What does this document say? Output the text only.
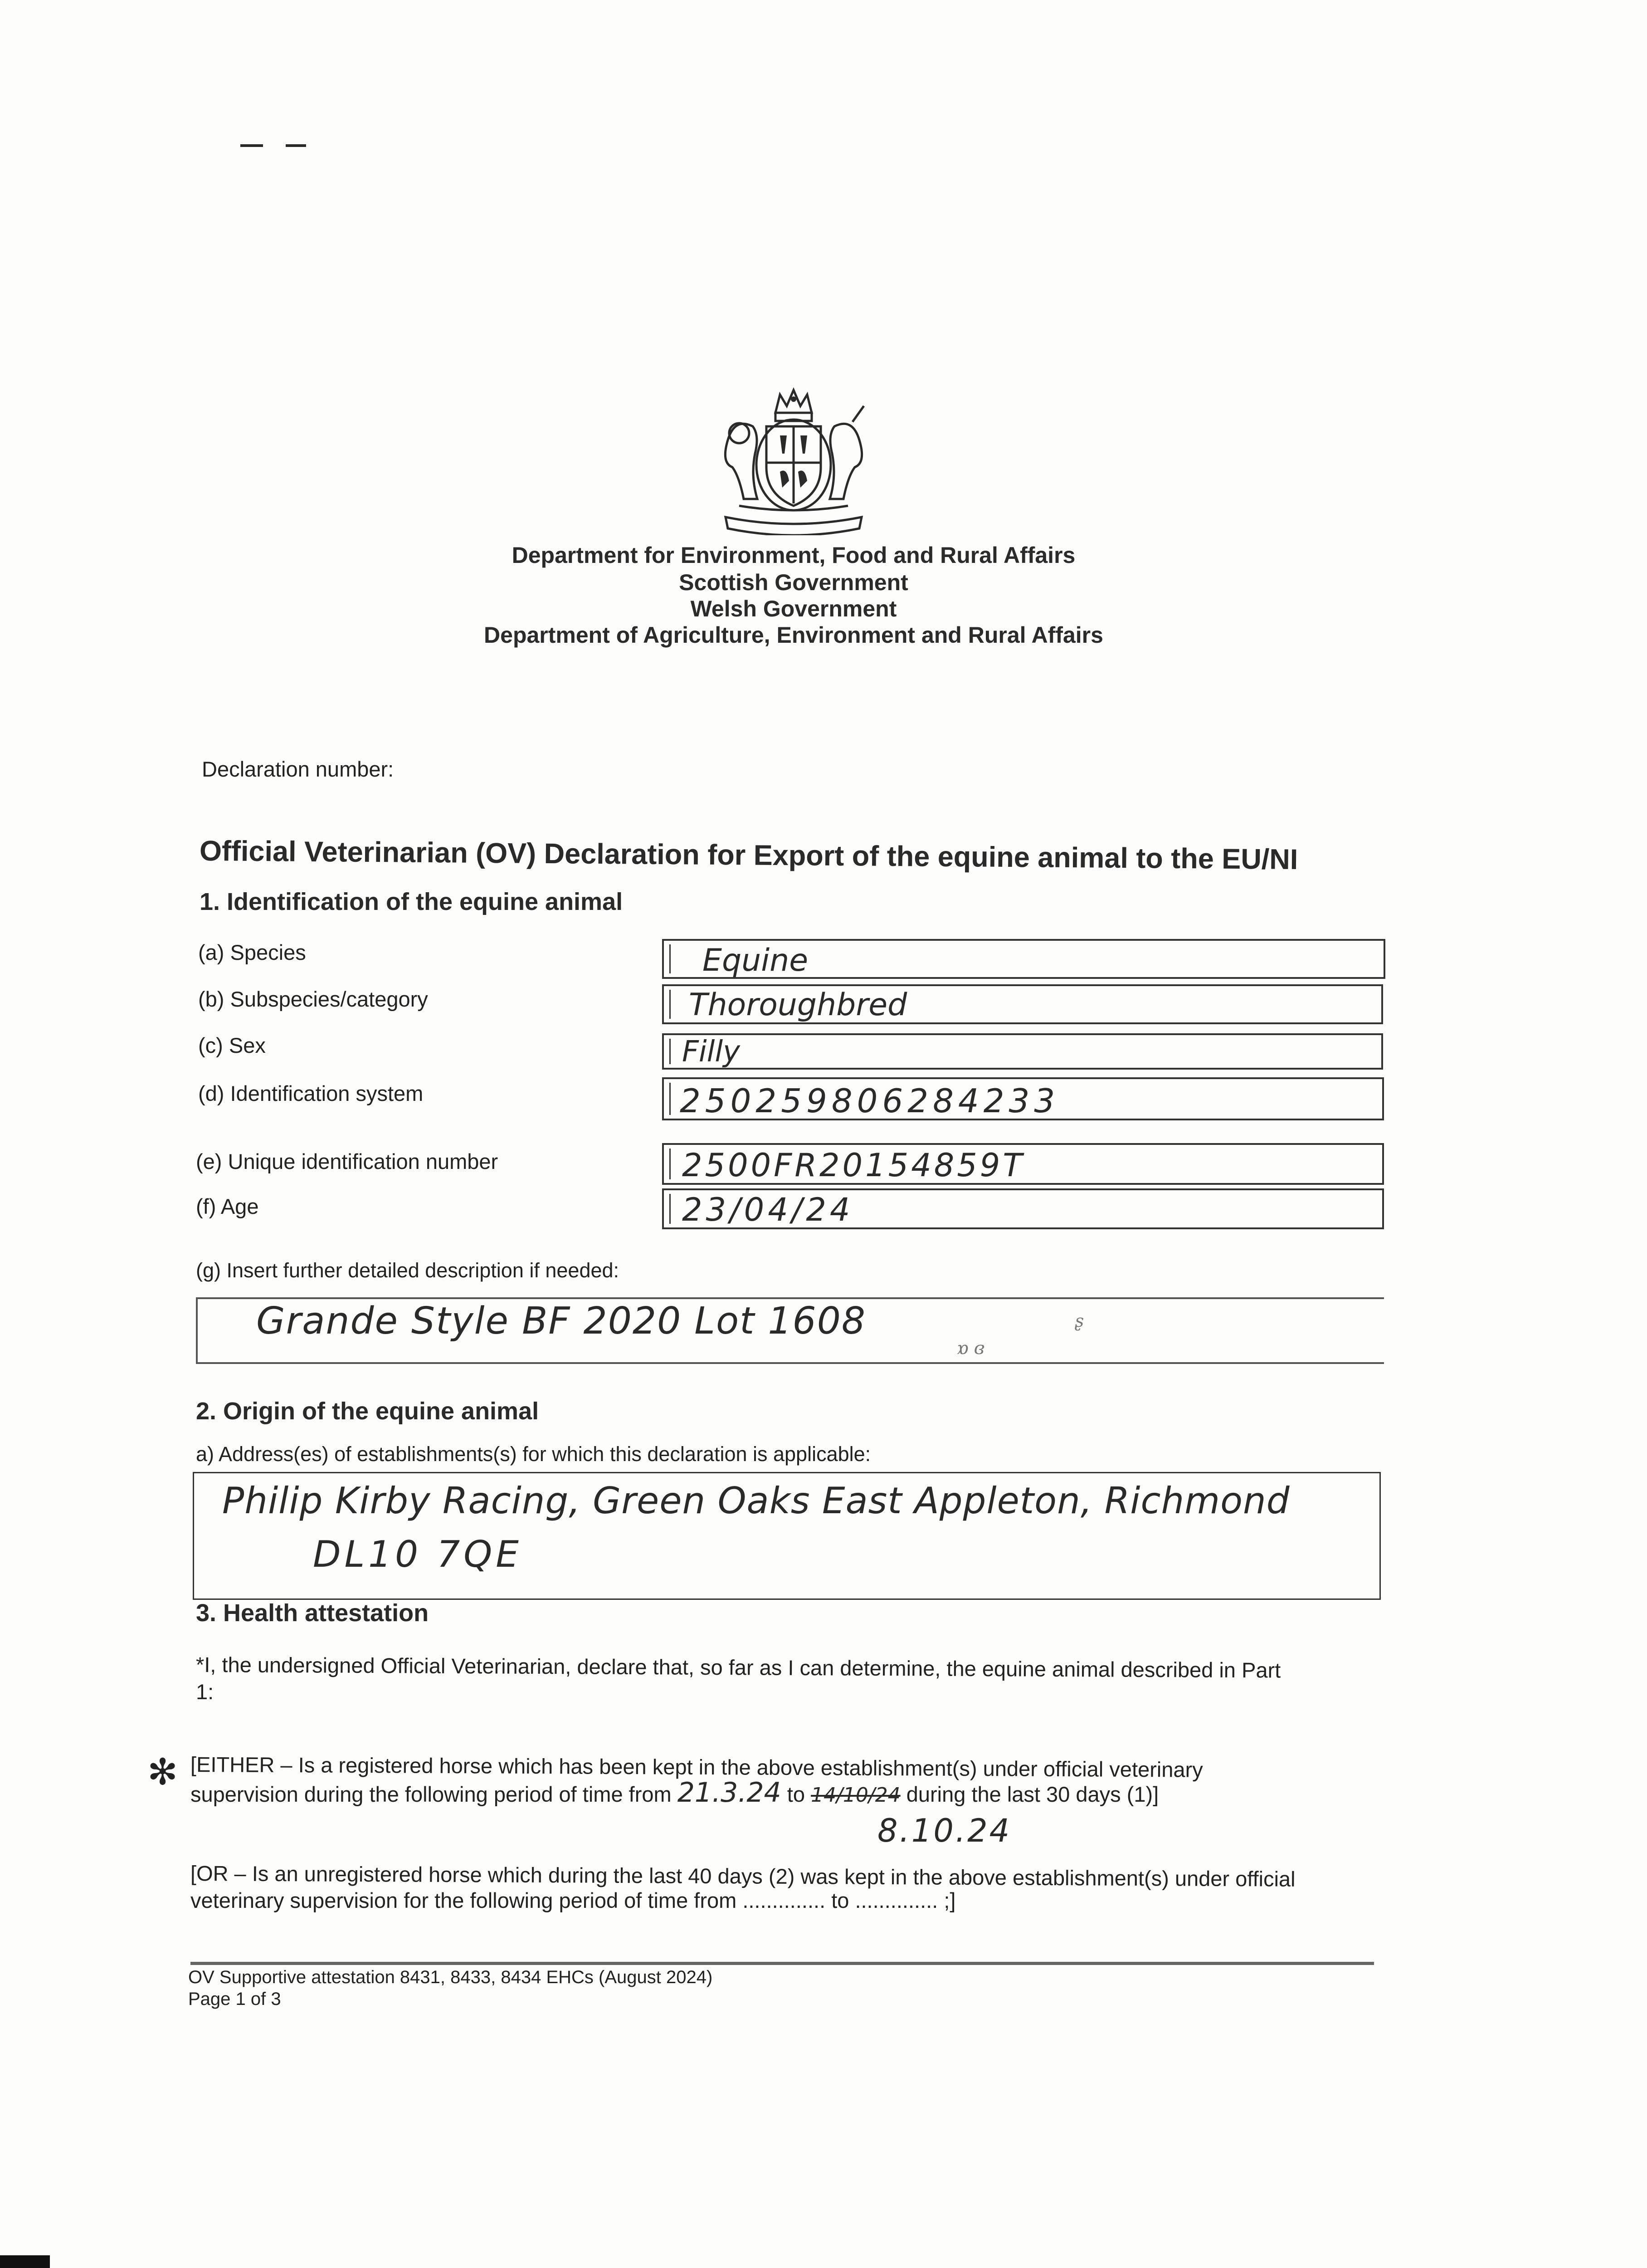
Department for Environment, Food and Rural Affairs
Scottish Government
Welsh Government
Department of Agriculture, Environment and Rural Affairs
Declaration number:
Official Veterinarian (OV) Declaration for Export of the equine animal to the EU/NI
1. Identification of the equine animal
(a) Species
(b) Subspecies/category
(c) Sex
(d) Identification system
(e) Unique identification number
(f) Age
Equine
Thoroughbred
Filly
250259806284233
2500FR20154859T
23/04/24
(g) Insert further detailed description if needed:
Grande Style BF 2020 Lot 1608
ɒ ɞ
ʂ
2. Origin of the equine animal
a) Address(es) of establishments(s) for which this declaration is applicable:
Philip Kirby Racing, Green Oaks East Appleton, Richmond
DL10 7QE
3. Health attestation
*I, the undersigned Official Veterinarian, declare that, so far as I can determine, the equine animal described in Part
1:
✻ [EITHER – Is a registered horse which has been kept in the above establishment(s) under official veterinary
supervision during the following period of time from 21.3.24 to 14/10/24 during the last 30 days (1)]
8.10.24
[OR – Is an unregistered horse which during the last 40 days (2) was kept in the above establishment(s) under official
veterinary supervision for the following period of time from .............. to .............. ;]
OV Supportive attestation 8431, 8433, 8434 EHCs (August 2024)
Page 1 of 3
